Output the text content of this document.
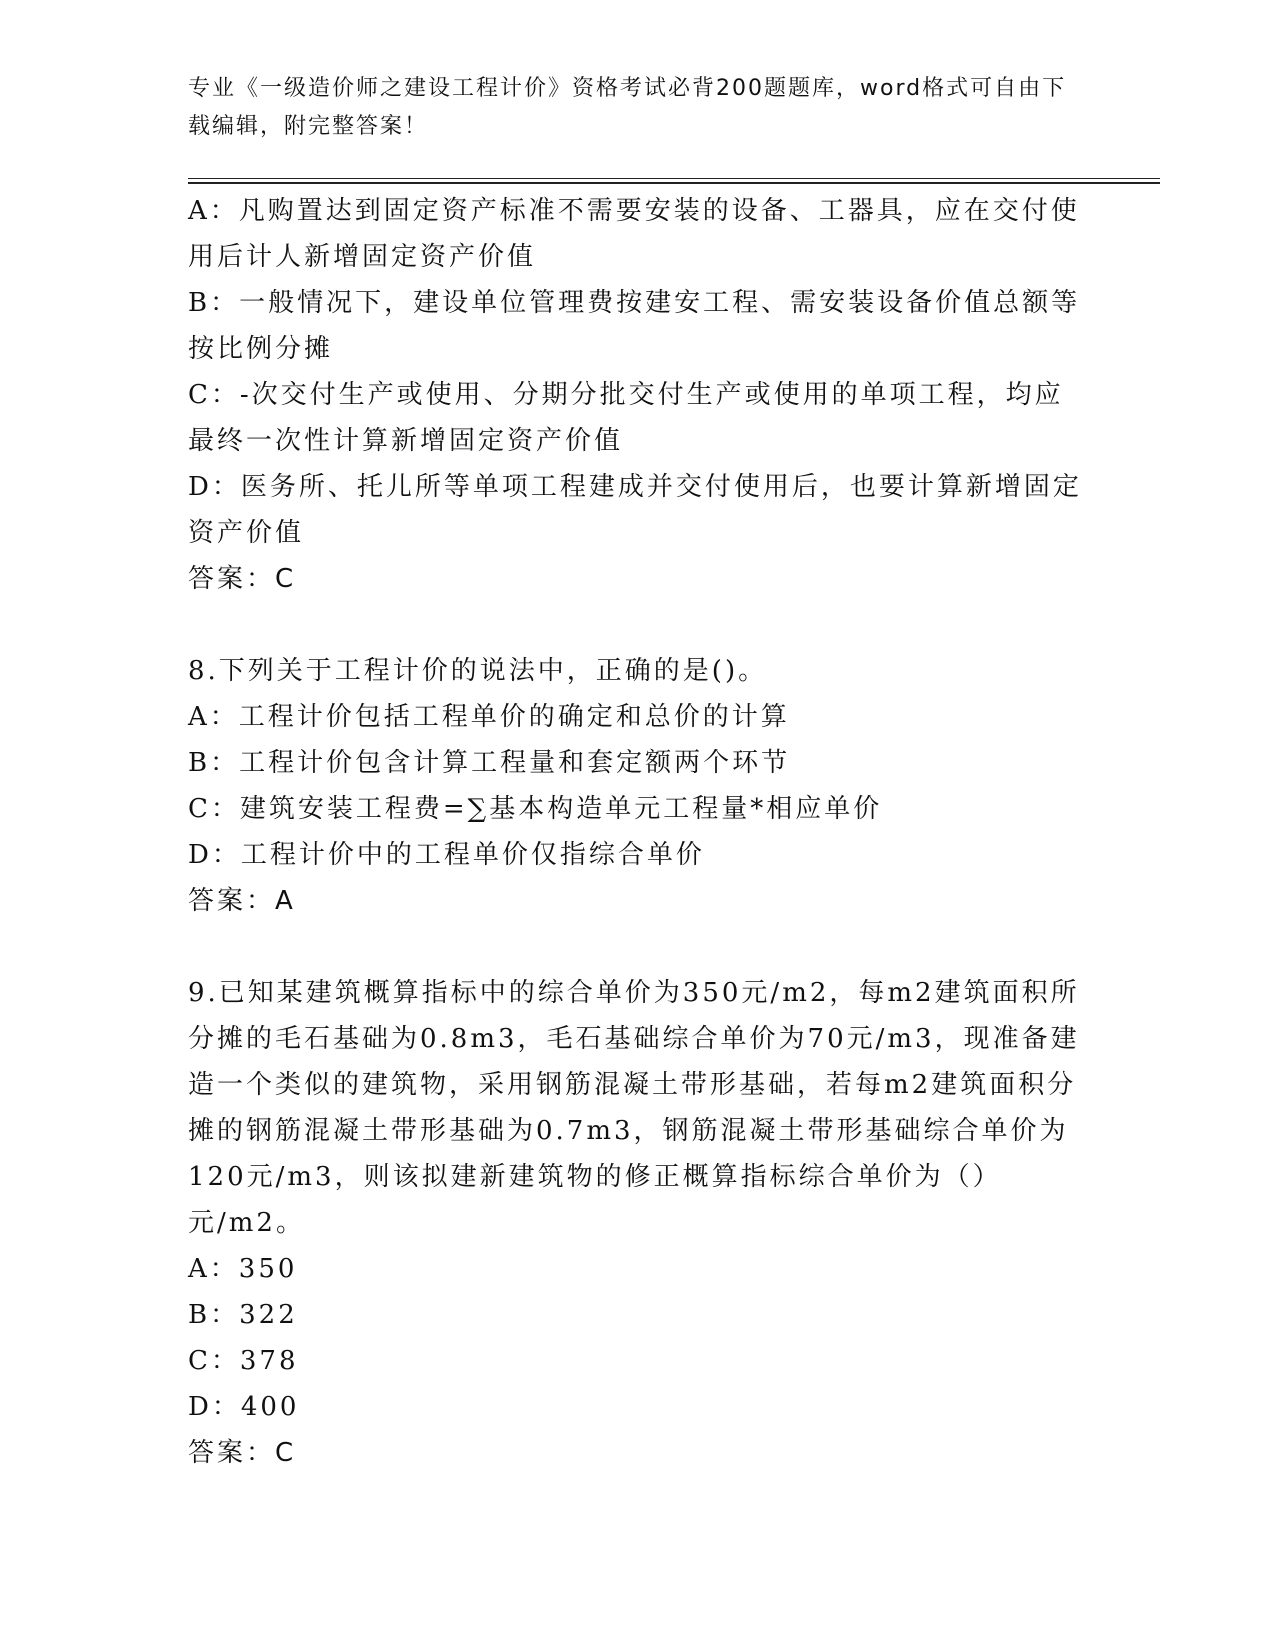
专业《一级造价师之建设工程计价》资格考试必背200题题库，word格式可自由下载编辑，附完整答案！
A：凡购置达到固定资产标准不需要安装的设备、工器具，应在交付使用后计人新增固定资产价值
B：一般情况下，建设单位管理费按建安工程、需安装设备价值总额等按比例分摊
C：-次交付生产或使用、分期分批交付生产或使用的单项工程，均应最终一次性计算新增固定资产价值
D：医务所、托儿所等单项工程建成并交付使用后，也要计算新增固定资产价值
答案：C
8.下列关于工程计价的说法中，正确的是()。
A：工程计价包括工程单价的确定和总价的计算
B：工程计价包含计算工程量和套定额两个环节
C：建筑安装工程费=∑基本构造单元工程量*相应单价
D：工程计价中的工程单价仅指综合单价
答案：A
9.已知某建筑概算指标中的综合单价为350元/m2，每m2建筑面积所分摊的毛石基础为0.8m3，毛石基础综合单价为70元/m3，现准备建造一个类似的建筑物，采用钢筋混凝土带形基础，若每m2建筑面积分摊的钢筋混凝土带形基础为0.7m3，钢筋混凝土带形基础综合单价为120元/m3，则该拟建新建筑物的修正概算指标综合单价为（）元/m2。
A：350
B：322
C：378
D：400
答案：C
